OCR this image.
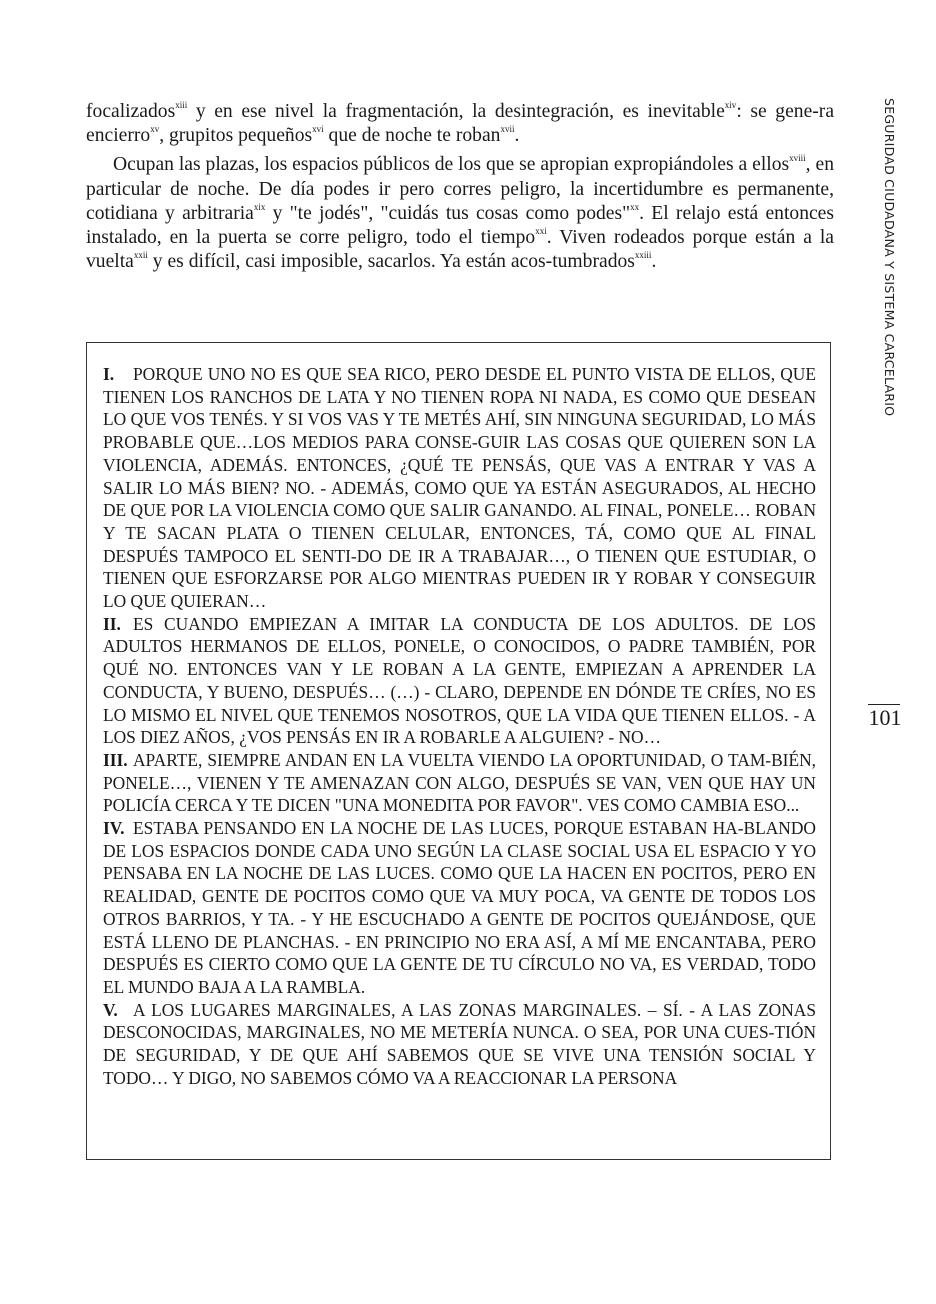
focalizados$^{xiii}$ y en ese nivel la fragmentación, la desintegración, es inevitable$^{xiv}$: se gene-ra encierro$^{xv}$, grupitos pequeños$^{xvi}$ que de noche te roban$^{xvii}$.

Ocupan las plazas, los espacios públicos de los que se apropian expropiándoles a ellos$^{xviii}$, en particular de noche. De día podes ir pero corres peligro, la incertidumbre es permanente, cotidiana y arbitraria$^{xix}$ y "te jodés", "cuidás tus cosas como podes"$^{xx}$. El relajo está entonces instalado, en la puerta se corre peligro, todo el tiempo$^{xxi}$. Viven rodeados porque están a la vuelta$^{xxii}$ y es difícil, casi imposible, sacarlos. Ya están acos-tumbrados$^{xxiii}$.

I. PORQUE UNO NO ES QUE SEA RICO, PERO DESDE EL PUNTO VISTA DE ELLOS, QUE TIENEN LOS RANCHOS DE LATA Y NO TIENEN ROPA NI NADA, ES COMO QUE DESEAN LO QUE VOS TENÉS. Y SI VOS VAS Y TE METÉS AHÍ, SIN NINGUNA SEGURIDAD, LO MÁS PROBABLE QUE…LOS MEDIOS PARA CONSE-GUIR LAS COSAS QUE QUIEREN SON LA VIOLENCIA, ADEMÁS. ENTONCES, ¿QUÉ TE PENSÁS, QUE VAS A ENTRAR Y VAS A SALIR LO MÁS BIEN? NO. - ADEMÁS, COMO QUE YA ESTÁN ASEGURADOS, AL HECHO DE QUE POR LA VIOLENCIA COMO QUE SALIR GANANDO. AL FINAL, PONELE… ROBAN Y TE SACAN PLATA O TIENEN CELULAR, ENTONCES, TÁ, COMO QUE AL FINAL DESPUÉS TAMPOCO EL SENTI-DO DE IR A TRABAJAR…, O TIENEN QUE ESTUDIAR, O TIENEN QUE ESFORZARSE POR ALGO MIENTRAS PUEDEN IR Y ROBAR Y CONSEGUIR LO QUE QUIERAN…

II. ES CUANDO EMPIEZAN A IMITAR LA CONDUCTA DE LOS ADULTOS. DE LOS ADULTOS HERMANOS DE ELLOS, PONELE, O CONOCIDOS, O PADRE TAMBIÉN, POR QUÉ NO. ENTONCES VAN Y LE ROBAN A LA GENTE, EMPIEZAN A APRENDER LA CONDUCTA, Y BUENO, DESPUÉS… (…) - CLARO, DEPENDE EN DÓNDE TE CRÍES, NO ES LO MISMO EL NIVEL QUE TENEMOS NOSOTROS, QUE LA VIDA QUE TIENEN ELLOS. - A LOS DIEZ AÑOS, ¿VOS PENSÁS EN IR A ROBARLE A ALGUIEN? - NO…

III. APARTE, SIEMPRE ANDAN EN LA VUELTA VIENDO LA OPORTUNIDAD, O TAM-BIÉN, PONELE…, VIENEN Y TE AMENAZAN CON ALGO, DESPUÉS SE VAN, VEN QUE HAY UN POLICÍA CERCA Y TE DICEN "UNA MONEDITA POR FAVOR". VES COMO CAMBIA ESO...

IV. ESTABA PENSANDO EN LA NOCHE DE LAS LUCES, PORQUE ESTABAN HA-BLANDO DE LOS ESPACIOS DONDE CADA UNO SEGÚN LA CLASE SOCIAL USA EL ESPACIO Y YO PENSABA EN LA NOCHE DE LAS LUCES. COMO QUE LA HACEN EN POCITOS, PERO EN REALIDAD, GENTE DE POCITOS COMO QUE VA MUY POCA, VA GENTE DE TODOS LOS OTROS BARRIOS, Y TA. - Y HE ESCUCHADO A GENTE DE POCITOS QUEJÁNDOSE, QUE ESTÁ LLENO DE PLANCHAS. - EN PRINCIPIO NO ERA ASÍ, A MÍ ME ENCANTABA, PERO DESPUÉS ES CIERTO COMO QUE LA GENTE DE TU CÍRCULO NO VA, ES VERDAD, TODO EL MUNDO BAJA A LA RAMBLA.

V. A LOS LUGARES MARGINALES, A LAS ZONAS MARGINALES. – SÍ. - A LAS ZONAS DESCONOCIDAS, MARGINALES, NO ME METERÍA NUNCA. O SEA, POR UNA CUES-TIÓN DE SEGURIDAD, Y DE QUE AHÍ SABEMOS QUE SE VIVE UNA TENSIÓN SOCIAL Y TODO… Y DIGO, NO SABEMOS CÓMO VA A REACCIONAR LA PERSONA

SEGURIDAD CIUDADANA Y SISTEMA CARCELARIO
101
